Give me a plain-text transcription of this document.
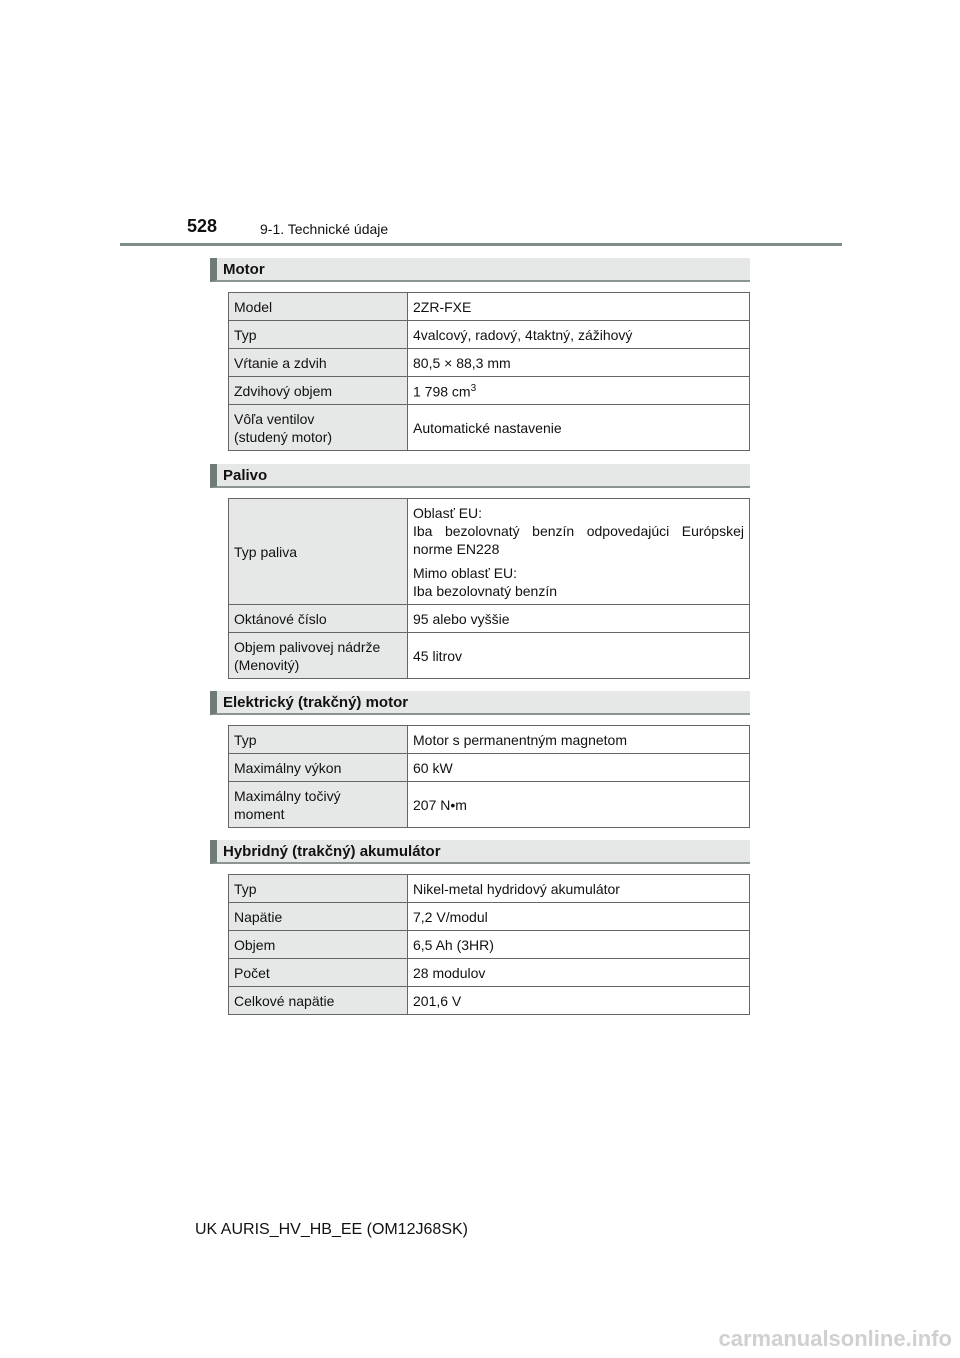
528	9-1. Technické údaje
Motor
Model	2ZR-FXE
Typ	4valcový, radový, 4taktný, zážihový
Vŕtanie a zdvih	80,5 × 88,3 mm
Zdvihový objem	1 798 $cm^3$

Vôľa ventilov
(studený motor)	Automatické nastavenie
Palivo
Typ paliva	Oblasť EU:
Iba bezolovnatý benzín odpovedajúci Európskej norme EN228

Mimo oblasť EU:
Iba bezolovnatý benzín

Oktánové číslo	95 alebo vyššie

Objem palivovej nádrže
(Menovitý)	45 litrov
Elektrický (trakčný) motor
Typ	Motor s permanentným magnetom
Maximálny výkon	60 kW

Maximálny točivý
moment	207 N•m
Hybridný (trakčný) akumulátor
Typ	Nikel-metal hydridový akumulátor
Napätie	7,2 V/modul
Objem	6,5 Ah (3HR)
Počet	28 modulov
Celkové napätie	201,6 V
UK AURIS_HV_HB_EE (OM12J68SK)
carmanualsonline.info
